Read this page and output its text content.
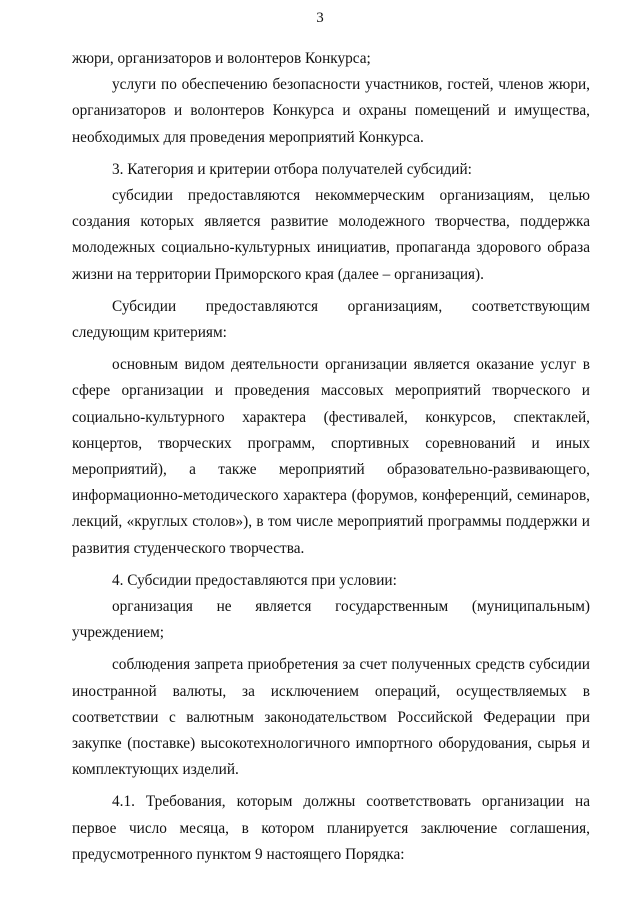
3

жюри, организаторов и волонтеров Конкурса;

услуги по обеспечению безопасности участников, гостей, членов жюри, организаторов и волонтеров Конкурса и охраны помещений и имущества, необходимых для проведения мероприятий Конкурса.

3. Категория и критерии отбора получателей субсидий:

субсидии предоставляются некоммерческим организациям, целью создания которых является развитие молодежного творчества, поддержка молодежных социально-культурных инициатив, пропаганда здорового образа жизни на территории Приморского края (далее – организация).

Субсидии предоставляются организациям, соответствующим следующим критериям:

основным видом деятельности организации является оказание услуг в сфере организации и проведения массовых мероприятий творческого и социально-культурного характера (фестивалей, конкурсов, спектаклей, концертов, творческих программ, спортивных соревнований и иных мероприятий), а также мероприятий образовательно-развивающего, информационно-методического характера (форумов, конференций, семинаров, лекций, «круглых столов»), в том числе мероприятий программы поддержки и развития студенческого творчества.

4. Субсидии предоставляются при условии:

организация не является государственным (муниципальным) учреждением;

соблюдения запрета приобретения за счет полученных средств субсидии иностранной валюты, за исключением операций, осуществляемых в соответствии с валютным законодательством Российской Федерации при закупке (поставке) высокотехнологичного импортного оборудования, сырья и комплектующих изделий.

4.1. Требования, которым должны соответствовать организации на первое число месяца, в котором планируется заключение соглашения, предусмотренного пунктом 9 настоящего Порядка:
